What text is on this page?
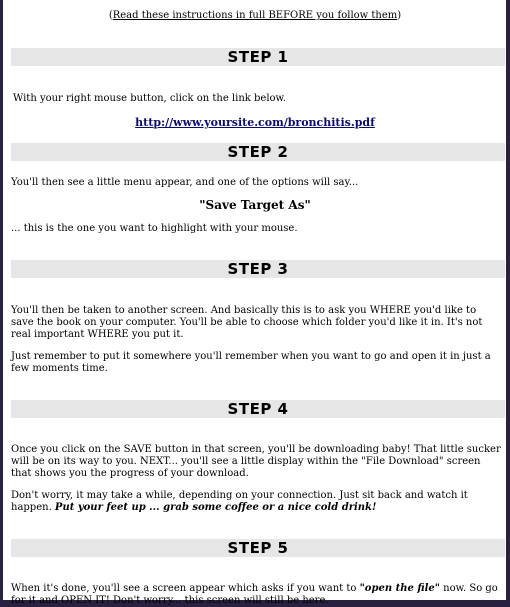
(Read these instructions in full BEFORE you follow them)
STEP 1

With your right mouse button, click on the link below.

http://www.yoursite.com/bronchitis.pdf
STEP 2

You'll then see a little menu appear, and one of the options will say...

"Save Target As"

... this is the one you want to highlight with your mouse.

STEP 3

You'll then be taken to another screen. And basically this is to ask you WHERE you'd like to save the book on your computer. You'll be able to choose which folder you'd like it in. It's not real important WHERE you put it.

Just remember to put it somewhere you'll remember when you want to go and open it in just a few moments time.

STEP 4

Once you click on the SAVE button in that screen, you'll be downloading baby! That little sucker will be on its way to you. NEXT... you'll see a little display within the "File Download" screen that shows you the progress of your download.

Don't worry, it may take a while, depending on your connection. Just sit back and watch it happen. Put your feet up ... grab some coffee or a nice cold drink!

STEP 5

When it's done, you'll see a screen appear which asks if you want to "open the file" now. So go for it and OPEN IT! Don't worry... this screen will still be here.
